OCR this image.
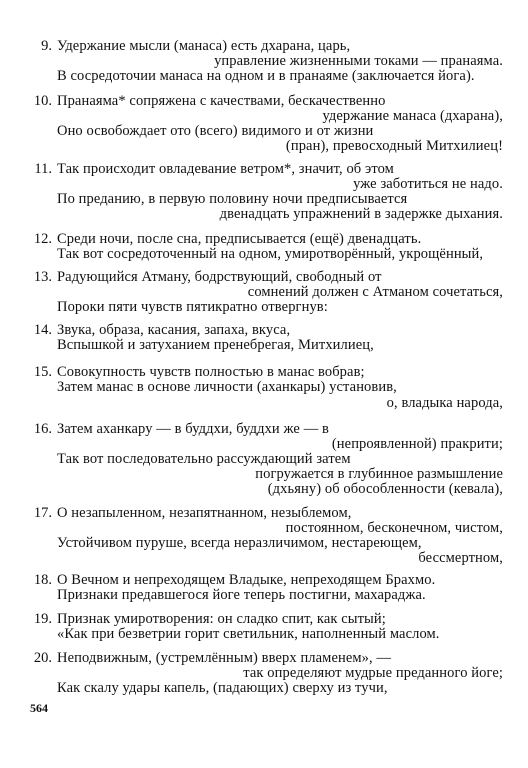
9. Удержание мысли (манаса) есть дхарана, царь,
управление жизненными токами — пранаяма.
В сосредоточии манаса на одном и в пранаяме (заключается йога).
10. Пранаяма* сопряжена с качествами, бескачественно
удержание манаса (дхарана),
Оно освобождает ото (всего) видимого и от жизни
(пран), превосходный Митхилиец!
11. Так происходит овладевание ветром*, значит, об этом
уже заботиться не надо.
По преданию, в первую половину ночи предписывается
двенадцать упражнений в задержке дыхания.
12. Среди ночи, после сна, предписывается (ещё) двенадцать.
Так вот сосредоточенный на одном, умиротворённый, укрощённый,
13. Радующийся Атману, бодрствующий, свободный от
сомнений должен с Атманом сочетаться,
Пороки пяти чувств пятикратно отвергнув:
14. Звука, образа, касания, запаха, вкуса,
Вспышкой и затуханием пренебрегая, Митхилиец,
15. Совокупность чувств полностью в манас вобрав;
Затем манас в основе личности (аханкары) установив,
о, владыка народа,
16. Затем аханкару — в буддхи, буддхи же — в
(непроявленной) пракрити;
Так вот последовательно рассуждающий затем
погружается в глубинное размышление
(дхьяну) об обособленности (кевала),
17. О незапыленном, незапятнанном, незыблемом,
постоянном, бесконечном, чистом,
Устойчивом пуруше, всегда неразличимом, нестареющем,
бессмертном,
18. О Вечном и непреходящем Владыке, непреходящем Брахмо.
Признаки предавшегося йоге теперь постигни, махараджа.
19. Признак умиротворения: он сладко спит, как сытый;
«Как при безветрии горит светильник, наполненный маслом.
20. Неподвижным, (устремлённым) вверх пламенем», —
так определяют мудрые преданного йоге;
Как скалу удары капель, (падающих) сверху из тучи,
564
